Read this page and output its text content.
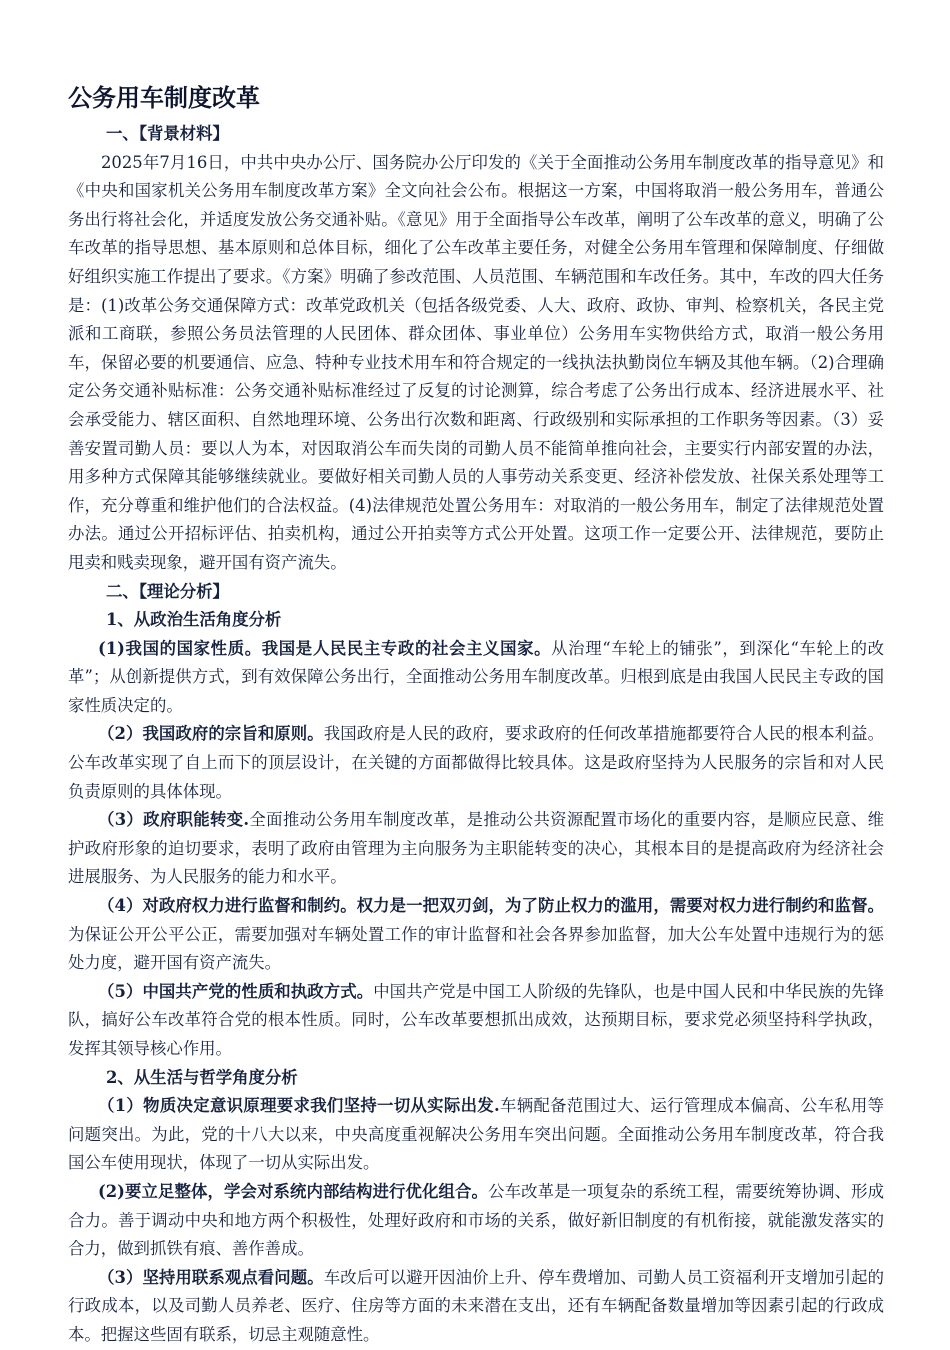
公务用车制度改革

一、【背景材料】

2025年7月16日，中共中央办公厅、国务院办公厅印发的《关于全面推动公务用车制度改革的指导意见》和《中央和国家机关公务用车制度改革方案》全文向社会公布。根据这一方案，中国将取消一般公务用车，普通公务出行将社会化，并适度发放公务交通补贴。《意见》用于全面指导公车改革，阐明了公车改革的意义，明确了公车改革的指导思想、基本原则和总体目标，细化了公车改革主要任务，对健全公务用车管理和保障制度、仔细做好组织实施工作提出了要求。《方案》明确了参改范围、人员范围、车辆范围和车改任务。其中，车改的四大任务是：(1)改革公务交通保障方式：改革党政机关（包括各级党委、人大、政府、政协、审判、检察机关，各民主党派和工商联，参照公务员法管理的人民团体、群众团体、事业单位）公务用车实物供给方式，取消一般公务用车，保留必要的机要通信、应急、特种专业技术用车和符合规定的一线执法执勤岗位车辆及其他车辆。（2)合理确定公务交通补贴标准：公务交通补贴标准经过了反复的讨论测算，综合考虑了公务出行成本、经济进展水平、社会承受能力、辖区面积、自然地理环境、公务出行次数和距离、行政级别和实际承担的工作职务等因素。（3）妥善安置司勤人员：要以人为本，对因取消公车而失岗的司勤人员不能简单推向社会，主要实行内部安置的办法，用多种方式保障其能够继续就业。要做好相关司勤人员的人事劳动关系变更、经济补偿发放、社保关系处理等工作，充分尊重和维护他们的合法权益。(4)法律规范处置公务用车：对取消的一般公务用车，制定了法律规范处置办法。通过公开招标评估、拍卖机构，通过公开拍卖等方式公开处置。这项工作一定要公开、法律规范，要防止甩卖和贱卖现象，避开国有资产流失。

二、【理论分析】

1、从政治生活角度分析

(1)我国的国家性质。我国是人民民主专政的社会主义国家。从治理“车轮上的铺张”，到深化“车轮上的改革”；从创新提供方式，到有效保障公务出行，全面推动公务用车制度改革。归根到底是由我国人民民主专政的国家性质决定的。

（2）我国政府的宗旨和原则。我国政府是人民的政府，要求政府的任何改革措施都要符合人民的根本利益。公车改革实现了自上而下的顶层设计，在关键的方面都做得比较具体。这是政府坚持为人民服务的宗旨和对人民负责原则的具体体现。

（3）政府职能转变.全面推动公务用车制度改革，是推动公共资源配置市场化的重要内容，是顺应民意、维护政府形象的迫切要求，表明了政府由管理为主向服务为主职能转变的决心，其根本目的是提高政府为经济社会进展服务、为人民服务的能力和水平。

（4）对政府权力进行监督和制约。权力是一把双刃剑，为了防止权力的滥用，需要对权力进行制约和监督。为保证公开公平公正，需要加强对车辆处置工作的审计监督和社会各界参加监督，加大公车处置中违规行为的惩处力度，避开国有资产流失。

（5）中国共产党的性质和执政方式。中国共产党是中国工人阶级的先锋队，也是中国人民和中华民族的先锋队，搞好公车改革符合党的根本性质。同时，公车改革要想抓出成效，达预期目标，要求党必须坚持科学执政，发挥其领导核心作用。

2、从生活与哲学角度分析

（1）物质决定意识原理要求我们坚持一切从实际出发.车辆配备范围过大、运行管理成本偏高、公车私用等问题突出。为此，党的十八大以来，中央高度重视解决公务用车突出问题。全面推动公务用车制度改革，符合我国公车使用现状，体现了一切从实际出发。

(2)要立足整体，学会对系统内部结构进行优化组合。公车改革是一项复杂的系统工程，需要统筹协调、形成合力。善于调动中央和地方两个积极性，处理好政府和市场的关系，做好新旧制度的有机衔接，就能激发落实的合力，做到抓铁有痕、善作善成。

（3）坚持用联系观点看问题。车改后可以避开因油价上升、停车费增加、司勤人员工资福利开支增加引起的行政成本，以及司勤人员养老、医疗、住房等方面的未来潜在支出，还有车辆配备数量增加等因素引起的行政成本。把握这些固有联系，切忌主观随意性。
